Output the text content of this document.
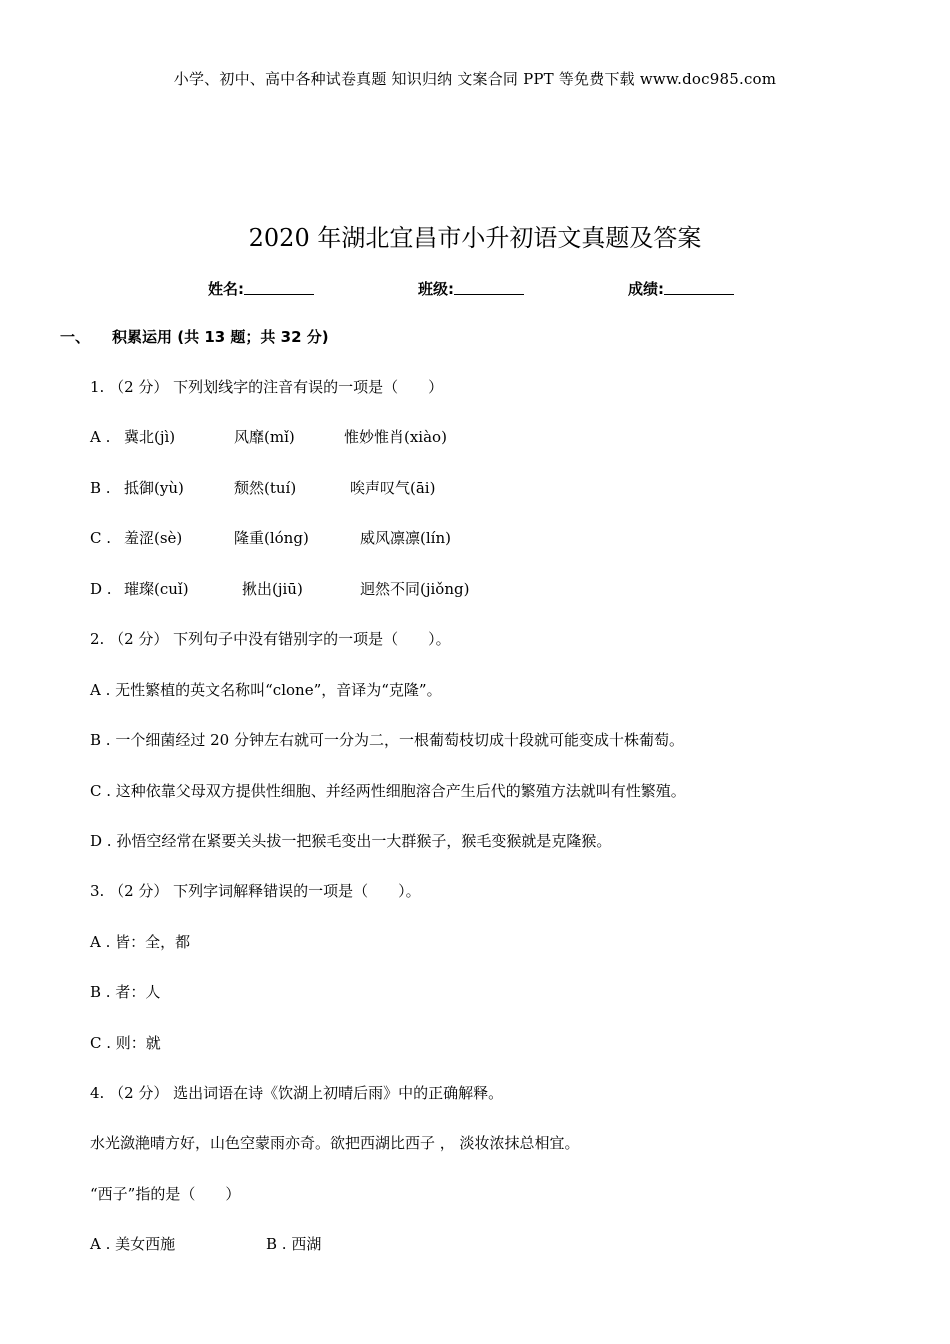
小学、初中、高中各种试卷真题 知识归纳 文案合同 PPT 等免费下载 www.doc985.com
2020 年湖北宜昌市小升初语文真题及答案
姓名:	班级:	成绩:
一、 积累运用 (共 13 题；共 32 分)
1. （2 分） 下列划线字的注音有误的一项是（　　）
A . 冀北(jì)	风靡(mǐ)	惟妙惟肖(xiào)
B . 抵御(yù)	颓然(tuí)	唉声叹气(āi)
C . 羞涩(sè)	隆重(lóng)	威风凛凛(lín)
D . 璀璨(cuǐ)	揪出(jiū)	迥然不同(jiǒng)
2. （2 分） 下列句子中没有错别字的一项是（　　）。
A . 无性繁植的英文名称叫“clone”，音译为“克隆”。
B . 一个细菌经过 20 分钟左右就可一分为二，一根葡萄枝切成十段就可能变成十株葡萄。
C . 这种依靠父母双方提供性细胞、并经两性细胞溶合产生后代的繁殖方法就叫有性繁殖。
D . 孙悟空经常在紧要关头拔一把猴毛变出一大群猴子，猴毛变猴就是克隆猴。
3. （2 分） 下列字词解释错误的一项是（　　）。
A . 皆：全，都
B . 者：人
C . 则：就
4. （2 分） 选出词语在诗《饮湖上初晴后雨》中的正确解释。
水光潋滟晴方好，山色空蒙雨亦奇。欲把西湖比西子 ， 淡妆浓抹总相宜。
“西子”指的是（　　）
A . 美女西施	B . 西湖
